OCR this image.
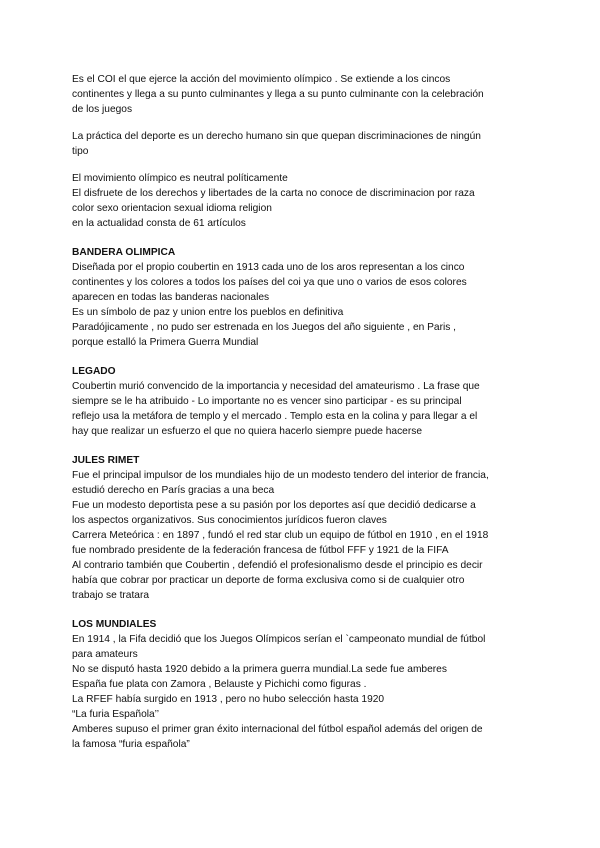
Es el COI el que ejerce la acción del movimiento olímpico . Se extiende a los cincos
continentes y llega a su punto culminantes y llega a su punto culminante con la celebración
de los juegos
La práctica del deporte es un derecho humano sin que quepan discriminaciones de ningún
tipo
El movimiento olímpico es neutral políticamente
El disfruete de los derechos y libertades de la carta no conoce de discriminacion por raza
color sexo orientacion sexual idioma religion
en la actualidad consta de 61 artículos
BANDERA OLIMPICA
Diseñada por el propio coubertin en 1913 cada uno de los aros representan a los cinco
continentes y los colores a todos los países del coi ya que uno o varios de esos colores
aparecen en todas las banderas nacionales
Es un símbolo de paz y union entre los pueblos en definitiva
Paradójicamente , no pudo ser estrenada en los Juegos del año siguiente , en Paris ,
porque estalló la Primera Guerra Mundial
LEGADO
Coubertin murió convencido de la importancia y necesidad del amateurismo . La frase que
siempre se le ha atribuido - Lo importante no es vencer sino participar - es su principal
reflejo usa la metáfora de templo y el mercado . Templo esta en la colina y para llegar a el
hay que realizar un esfuerzo el que no quiera hacerlo siempre puede hacerse
JULES RIMET
Fue el principal impulsor de los mundiales hijo de un modesto tendero del interior de francia,
estudió derecho en París gracias a una beca
Fue un modesto deportista pese a su pasión por los deportes así que decidió dedicarse a
los aspectos organizativos. Sus conocimientos jurídicos fueron claves
Carrera Meteórica : en 1897 , fundó el red star club un equipo de fútbol en 1910 , en el 1918
fue nombrado presidente de la federación francesa de fútbol FFF y 1921 de la FIFA
Al contrario también que Coubertin , defendió el profesionalismo desde el principio es decir
había que cobrar por practicar un deporte de forma exclusiva como si de cualquier otro
trabajo se tratara
LOS MUNDIALES
En 1914 , la Fifa decidió que los Juegos Olímpicos serían el `campeonato mundial de fútbol
para amateurs
No se disputó hasta 1920 debido a la primera guerra mundial.La sede fue amberes
España fue plata con Zamora , Belauste y Pichichi como figuras .
La RFEF había surgido en 1913 , pero no hubo selección hasta 1920
“La furia Española’’
Amberes supuso el primer gran éxito internacional del fútbol español además del origen de
la famosa “furia española”
